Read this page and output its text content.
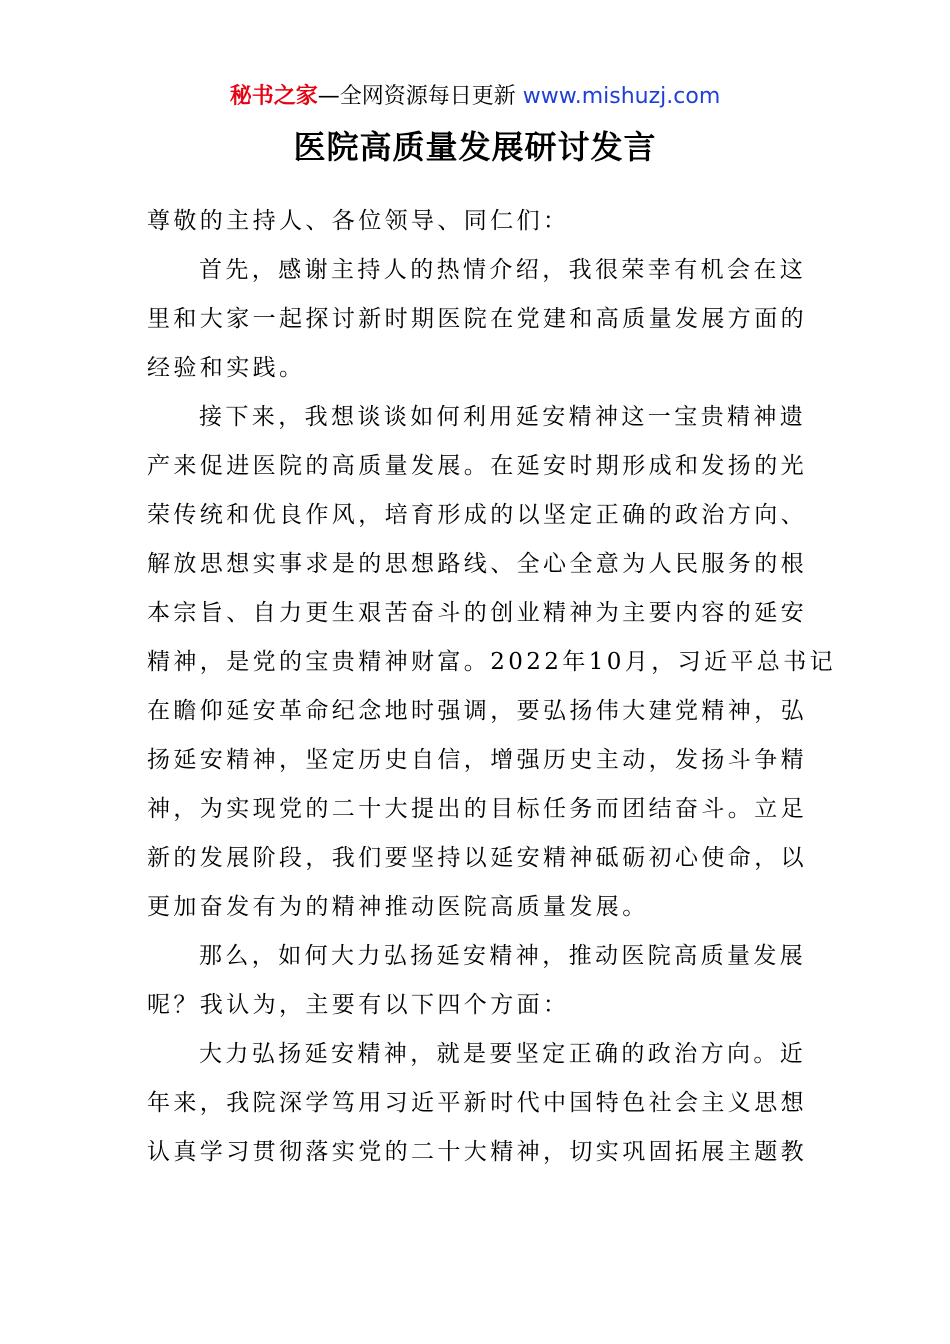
秘书之家—全网资源每日更新 www.mishuzj.com
医院高质量发展研讨发言
尊敬的主持人、各位领导、同仁们：
首先，感谢主持人的热情介绍，我很荣幸有机会在这
里和大家一起探讨新时期医院在党建和高质量发展方面的
经验和实践。
接下来，我想谈谈如何利用延安精神这一宝贵精神遗
产来促进医院的高质量发展。在延安时期形成和发扬的光
荣传统和优良作风，培育形成的以坚定正确的政治方向、
解放思想实事求是的思想路线、全心全意为人民服务的根
本宗旨、自力更生艰苦奋斗的创业精神为主要内容的延安
精神，是党的宝贵精神财富。2022年10月，习近平总书记
在瞻仰延安革命纪念地时强调，要弘扬伟大建党精神，弘
扬延安精神，坚定历史自信，增强历史主动，发扬斗争精
神，为实现党的二十大提出的目标任务而团结奋斗。立足
新的发展阶段，我们要坚持以延安精神砥砺初心使命，以
更加奋发有为的精神推动医院高质量发展。
那么，如何大力弘扬延安精神，推动医院高质量发展
呢？我认为，主要有以下四个方面：
大力弘扬延安精神，就是要坚定正确的政治方向。近
年来，我院深学笃用习近平新时代中国特色社会主义思想
认真学习贯彻落实党的二十大精神，切实巩固拓展主题教
